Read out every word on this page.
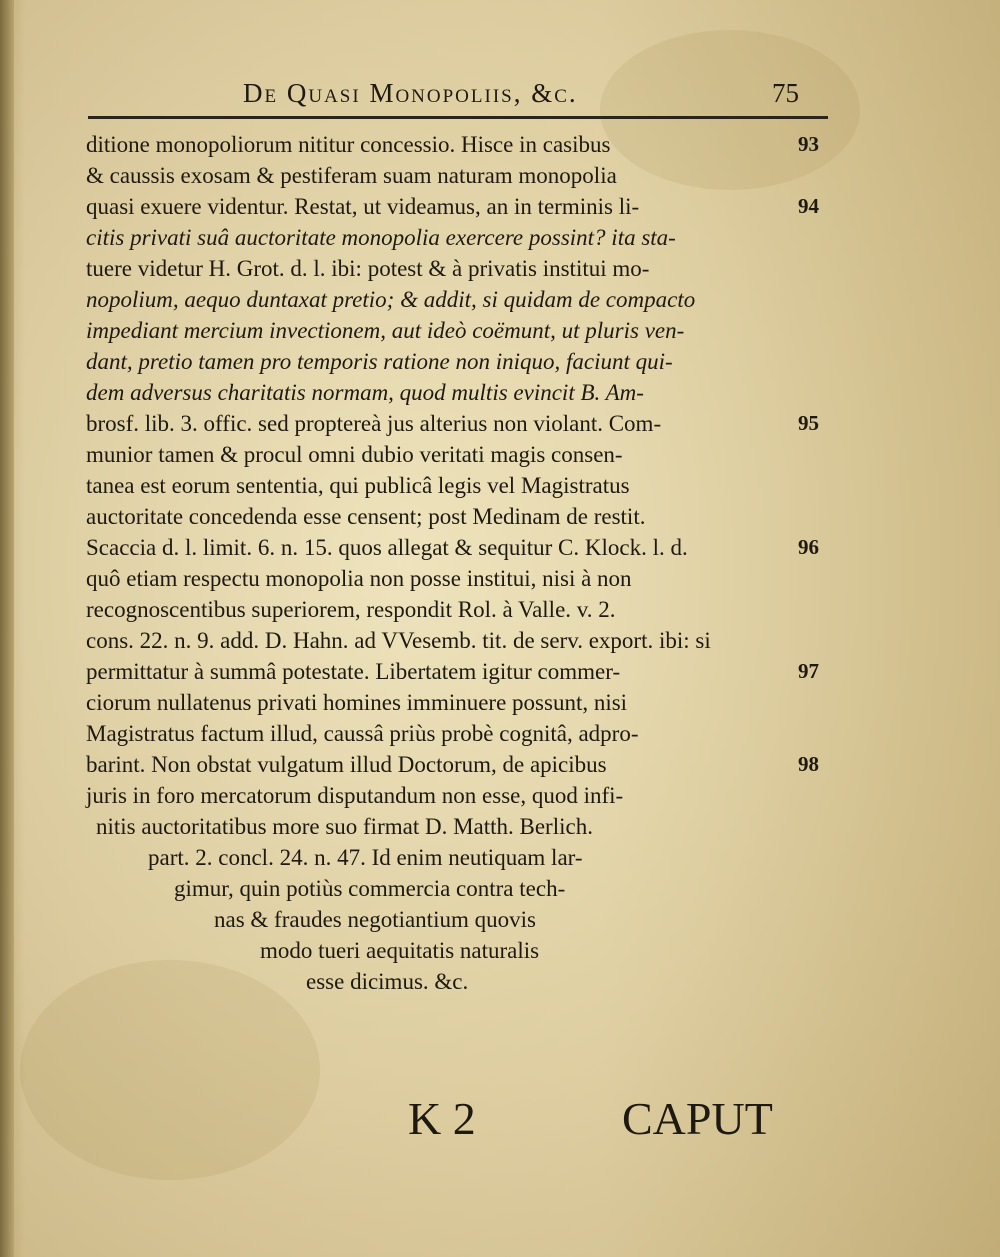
De Quasi Monopoliis, &c.	75
ditione monopoliorum nititur concessio. Hisce in casibus	93
& caussis exosam & pestiferam suam naturam monopolia
quasi exuere videntur. Restat, ut videamus, an in terminis li-	94
citis privati suâ auctoritate monopolia exercere possint? ita sta-
tuere videtur H. Grot. d. l. ibi: potest & à privatis institui mo-
nopolium, aequo duntaxat pretio; & addit, si quidam de compacto
impediant mercium invectionem, aut ideò coëmunt, ut pluris ven-
dant, pretio tamen pro temporis ratione non iniquo, faciunt qui-
dem adversus charitatis normam, quod multis evincit B. Am-
brosf. lib. 3. offic. sed proptereà jus alterius non violant. Com-	95
munior tamen & procul omni dubio veritati magis consen-
tanea est eorum sententia, qui publicâ legis vel Magistratus
auctoritate concedenda esse censent; post Medinam de restit.
Scaccia d. l. limit. 6. n. 15. quos allegat & sequitur C. Klock. l. d.	96
quô etiam respectu monopolia non posse institui, nisi à non
recognoscentibus superiorem, respondit Rol. à Valle. v. 2.
cons. 22. n. 9. add. D. Hahn. ad VVesemb. tit. de serv. export. ibi: si
permittatur à summâ potestate. Libertatem igitur commer-	97
ciorum nullatenus privati homines imminuere possunt, nisi
Magistratus factum illud, caussâ priùs probè cognitâ, adpro-
barint. Non obstat vulgatum illud Doctorum, de apicibus	98
juris in foro mercatorum disputandum non esse, quod infi-
nitis auctoritatibus more suo firmat D. Matth. Berlich.
part. 2. concl. 24. n. 47. Id enim neutiquam lar-
gimur, quin potiùs commercia contra tech-
nas & fraudes negotiantium quovis
modo tueri aequitatis naturalis
esse dicimus. &c.
K 2	CAPUT
